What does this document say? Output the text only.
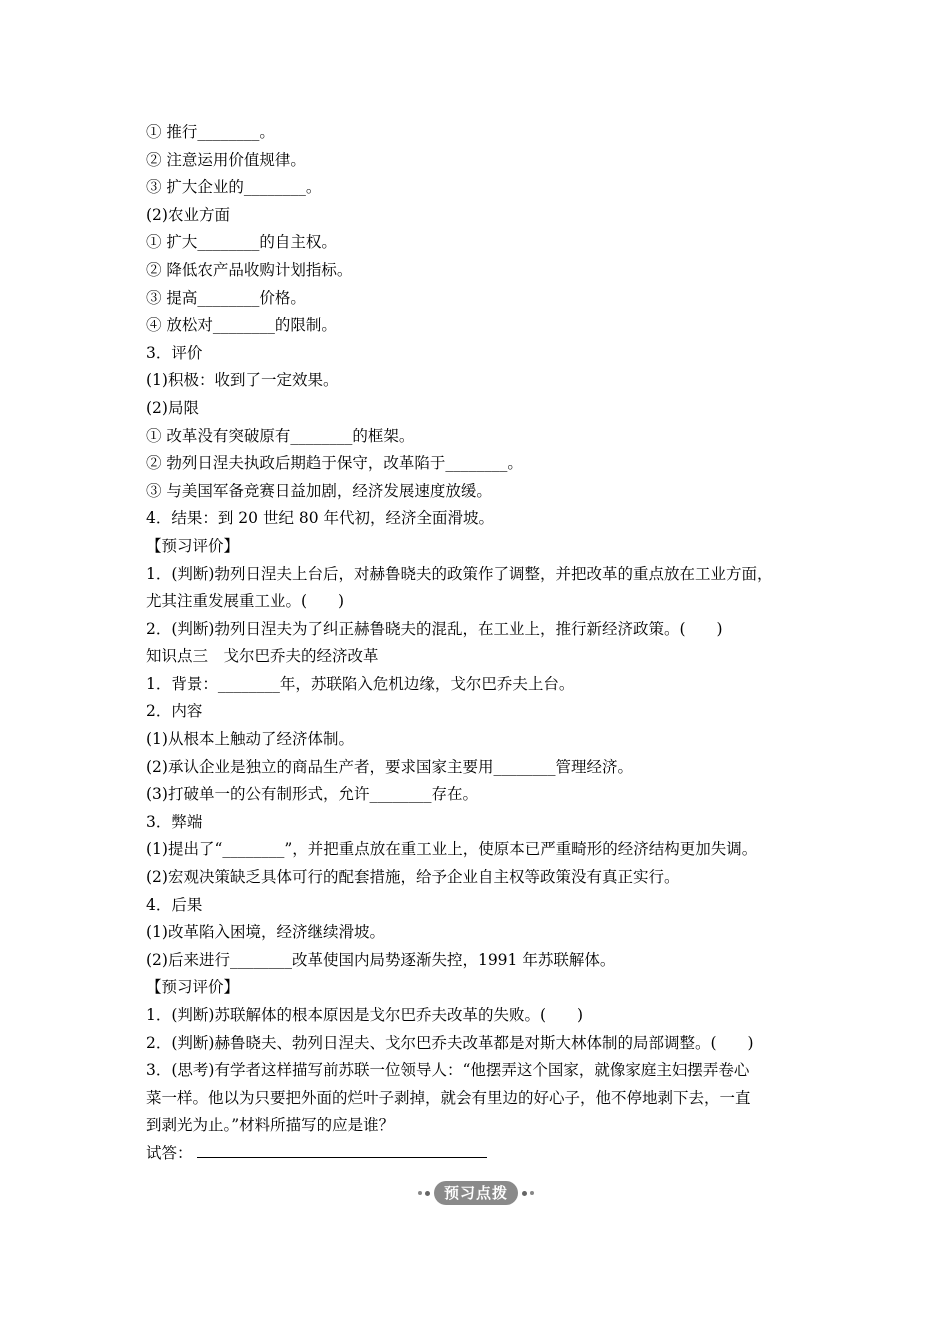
① 推行________。
② 注意运用价值规律。
③ 扩大企业的________。
(2)农业方面
① 扩大________的自主权。
② 降低农产品收购计划指标。
③ 提高________价格。
④ 放松对________的限制。
3．评价
(1)积极：收到了一定效果。
(2)局限
① 改革没有突破原有________的框架。
② 勃列日涅夫执政后期趋于保守，改革陷于________。
③ 与美国军备竞赛日益加剧，经济发展速度放缓。
4．结果：到 20 世纪 80 年代初，经济全面滑坡。
【预习评价】
1．(判断)勃列日涅夫上台后，对赫鲁晓夫的政策作了调整，并把改革的重点放在工业方面，
尤其注重发展重工业。(　　)
2．(判断)勃列日涅夫为了纠正赫鲁晓夫的混乱，在工业上，推行新经济政策。(　　)
知识点三　戈尔巴乔夫的经济改革
1．背景：________年，苏联陷入危机边缘，戈尔巴乔夫上台。
2．内容
(1)从根本上触动了经济体制。
(2)承认企业是独立的商品生产者，要求国家主要用________管理经济。
(3)打破单一的公有制形式，允许________存在。
3．弊端
(1)提出了“________”，并把重点放在重工业上，使原本已严重畸形的经济结构更加失调。
(2)宏观决策缺乏具体可行的配套措施，给予企业自主权等政策没有真正实行。
4．后果
(1)改革陷入困境，经济继续滑坡。
(2)后来进行________改革使国内局势逐渐失控，1991 年苏联解体。
【预习评价】
1．(判断)苏联解体的根本原因是戈尔巴乔夫改革的失败。(　　)
2．(判断)赫鲁晓夫、勃列日涅夫、戈尔巴乔夫改革都是对斯大林体制的局部调整。(　　)
3．(思考)有学者这样描写前苏联一位领导人：“他摆弄这个国家，就像家庭主妇摆弄卷心
菜一样。他以为只要把外面的烂叶子剥掉，就会有里边的好心子，他不停地剥下去，一直
到剥光为止。”材料所描写的应是谁？
试答：
预习点拨
